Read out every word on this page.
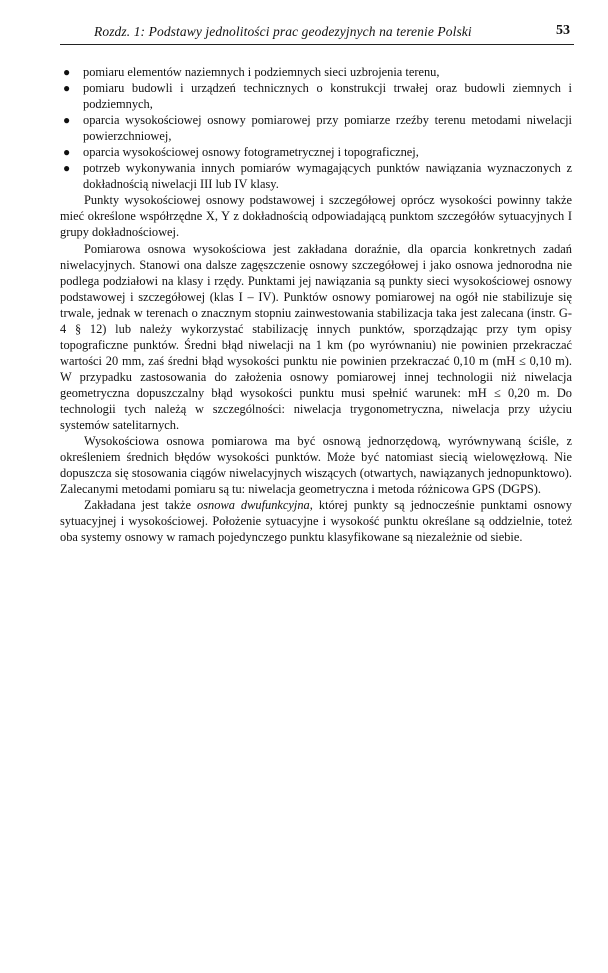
Rozdz. 1: Podstawy jednolitości prac geodezyjnych na terenie Polski	53
● pomiaru elementów naziemnych i podziemnych sieci uzbrojenia terenu,
● pomiaru budowli i urządzeń technicznych o konstrukcji trwałej oraz budowli ziemnych i podziemnych,
● oparcia wysokościowej osnowy pomiarowej przy pomiarze rzeźby terenu metodami niwelacji powierzchniowej,
● oparcia wysokościowej osnowy fotogrametrycznej i topograficznej,
● potrzeb wykonywania innych pomiarów wymagających punktów nawiązania wyznaczonych z dokładnością niwelacji III lub IV klasy.

Punkty wysokościowej osnowy podstawowej i szczegółowej oprócz wysokości powinny także mieć określone współrzędne X, Y z dokładnością odpowiadającą punktom szczegółów sytuacyjnych I grupy dokładnościowej.

Pomiarowa osnowa wysokościowa jest zakładana doraźnie, dla oparcia konkretnych zadań niwelacyjnych. Stanowi ona dalsze zagęszczenie osnowy szczegółowej i jako osnowa jednorodna nie podlega podziałowi na klasy i rzędy. Punktami jej nawiązania są punkty sieci wysokościowej osnowy podstawowej i szczegółowej (klas I – IV). Punktów osnowy pomiarowej na ogół nie stabilizuje się trwale, jednak w terenach o znacznym stopniu zainwestowania stabilizacja taka jest zalecana (instr. G-4 § 12) lub należy wykorzystać stabilizację innych punktów, sporządzając przy tym opisy topograficzne punktów. Średni błąd niwelacji na 1 km (po wyrównaniu) nie powinien przekraczać wartości 20 mm, zaś średni błąd wysokości punktu nie powinien przekraczać 0,10 m (mH ≤ 0,10 m). W przypadku zastosowania do założenia osnowy pomiarowej innej technologii niż niwelacja geometryczna dopuszczalny błąd wysokości punktu musi spełnić warunek: mH ≤ 0,20 m. Do technologii tych należą w szczególności: niwelacja trygonometryczna, niwelacja przy użyciu systemów satelitarnych.

Wysokościowa osnowa pomiarowa ma być osnową jednorzędową, wyrównywaną ściśle, z określeniem średnich błędów wysokości punktów. Może być natomiast siecią wielowęzłową. Nie dopuszcza się stosowania ciągów niwelacyjnych wiszących (otwartych, nawiązanych jednopunktowo). Zalecanymi metodami pomiaru są tu: niwelacja geometryczna i metoda różnicowa GPS (DGPS).

Zakładana jest także osnowa dwufunkcyjna, której punkty są jednocześnie punktami osnowy sytuacyjnej i wysokościowej. Położenie sytuacyjne i wysokość punktu określane są oddzielnie, toteż oba systemy osnowy w ramach pojedynczego punktu klasyfikowane są niezależnie od siebie.
